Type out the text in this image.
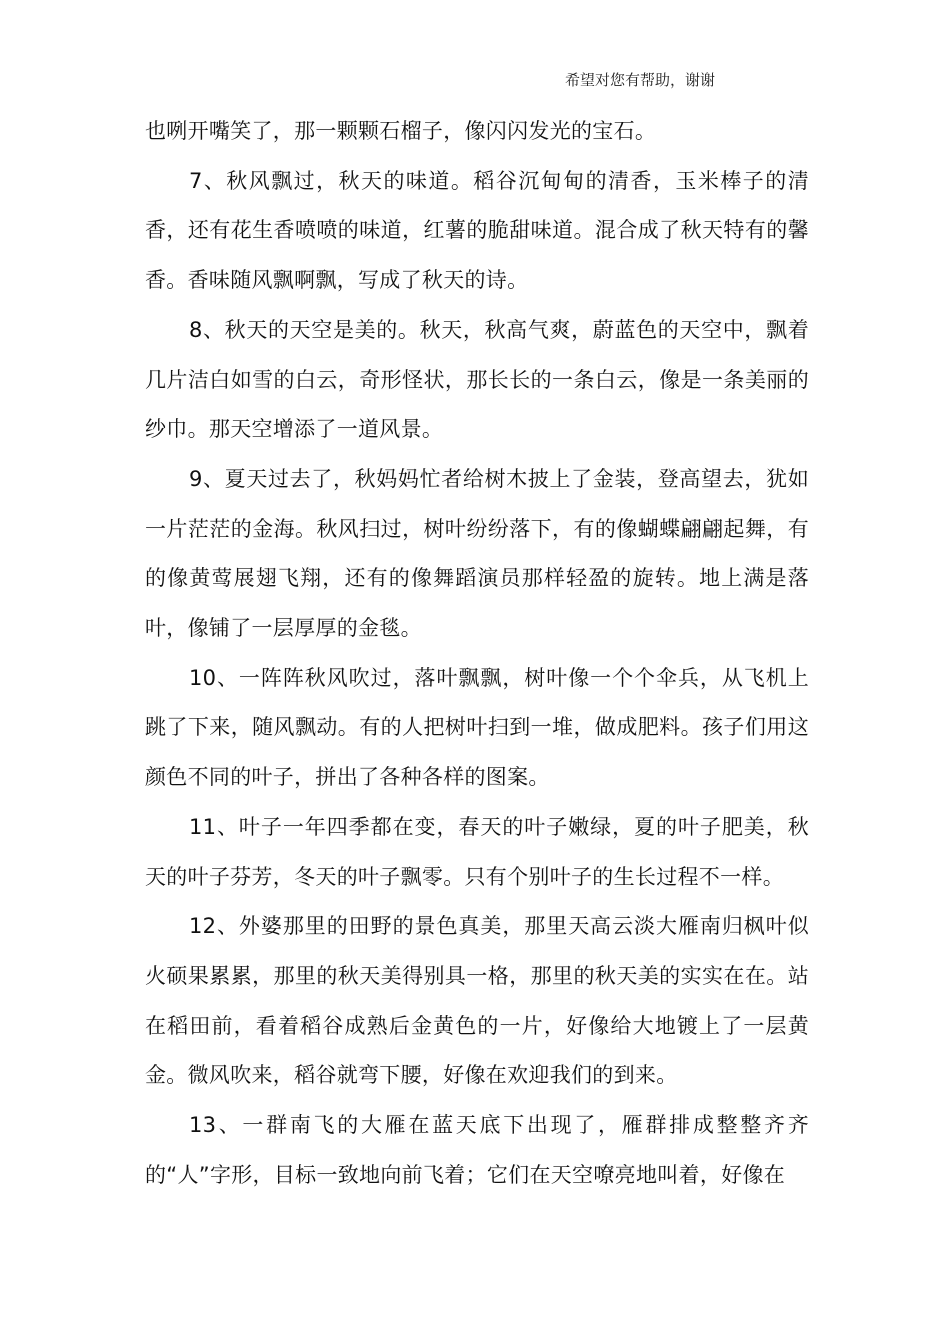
希望对您有帮助，谢谢

也咧开嘴笑了，那一颗颗石榴子，像闪闪发光的宝石。

7、秋风飘过，秋天的味道。稻谷沉甸甸的清香，玉米棒子的清香，还有花生香喷喷的味道，红薯的脆甜味道。混合成了秋天特有的馨香。香味随风飘啊飘，写成了秋天的诗。

8、秋天的天空是美的。秋天，秋高气爽，蔚蓝色的天空中，飘着几片洁白如雪的白云，奇形怪状，那长长的一条白云，像是一条美丽的纱巾。那天空增添了一道风景。

9、夏天过去了，秋妈妈忙者给树木披上了金装，登高望去，犹如一片茫茫的金海。秋风扫过，树叶纷纷落下，有的像蝴蝶翩翩起舞，有的像黄莺展翅飞翔，还有的像舞蹈演员那样轻盈的旋转。地上满是落叶，像铺了一层厚厚的金毯。

10、一阵阵秋风吹过，落叶飘飘，树叶像一个个伞兵，从飞机上跳了下来，随风飘动。有的人把树叶扫到一堆，做成肥料。孩子们用这颜色不同的叶子，拼出了各种各样的图案。

11、叶子一年四季都在变，春天的叶子嫩绿，夏的叶子肥美，秋天的叶子芬芳，冬天的叶子飘零。只有个别叶子的生长过程不一样。

12、外婆那里的田野的景色真美，那里天高云淡大雁南归枫叶似火硕果累累，那里的秋天美得别具一格，那里的秋天美的实实在在。站在稻田前，看着稻谷成熟后金黄色的一片，好像给大地镀上了一层黄金。微风吹来，稻谷就弯下腰，好像在欢迎我们的到来。

13、一群南飞的大雁在蓝天底下出现了，雁群排成整整齐齐的“人”字形，目标一致地向前飞着；它们在天空嘹亮地叫着，好像在
